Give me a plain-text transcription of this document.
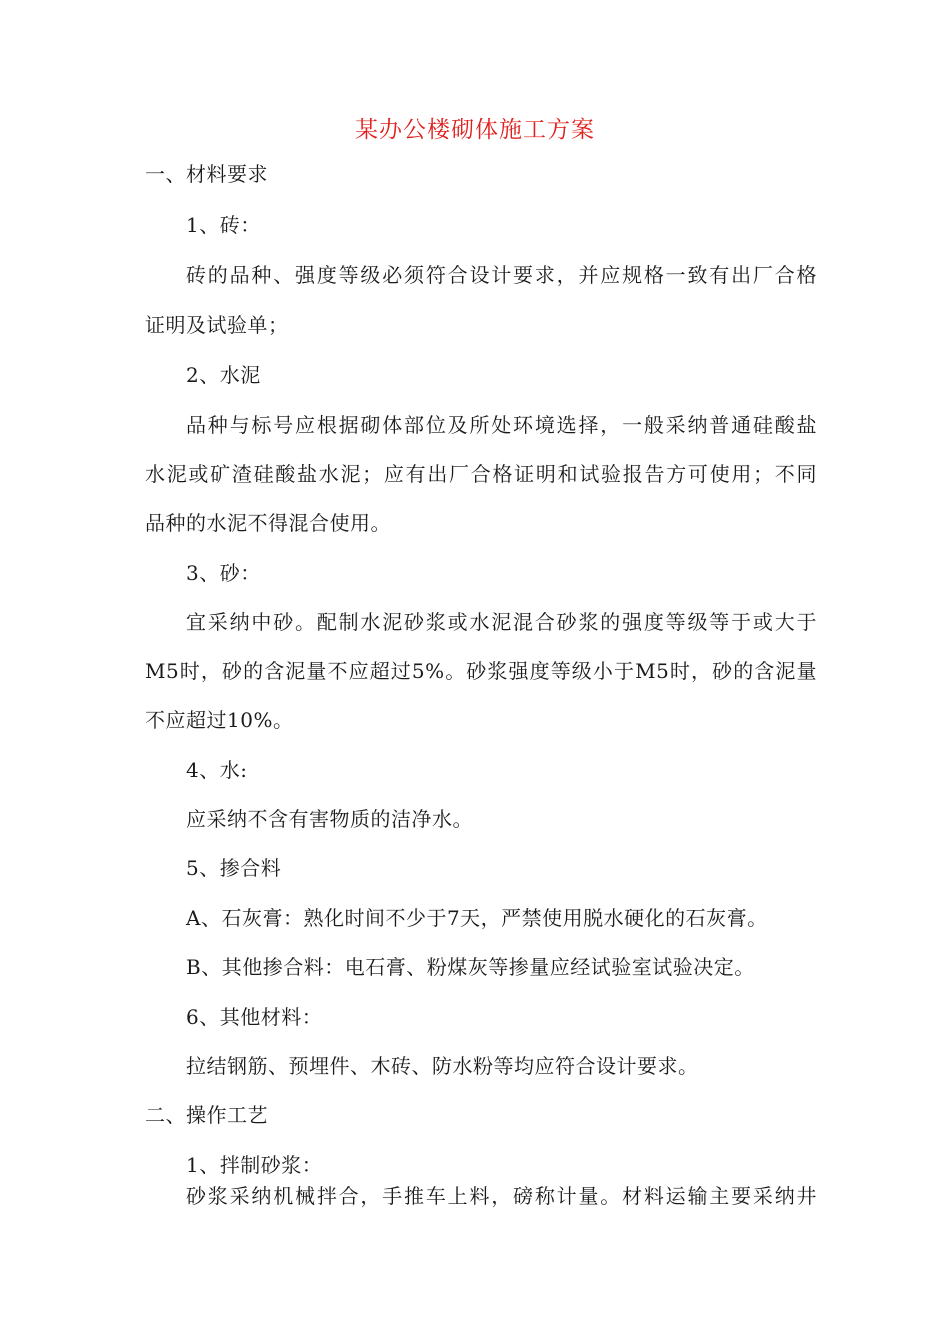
某办公楼砌体施工方案
一、材料要求
1、砖：
砖的品种、强度等级必须符合设计要求，并应规格一致有出厂合格
证明及试验单；
2、水泥
品种与标号应根据砌体部位及所处环境选择，一般采纳普通硅酸盐
水泥或矿渣硅酸盐水泥；应有出厂合格证明和试验报告方可使用；不同
品种的水泥不得混合使用。
3、砂：
宜采纳中砂。配制水泥砂浆或水泥混合砂浆的强度等级等于或大于
M5时，砂的含泥量不应超过5%。砂浆强度等级小于M5时，砂的含泥量
不应超过10%。
4、水:
应采纳不含有害物质的洁净水。
5、掺合料
A、石灰膏：熟化时间不少于7天，严禁使用脱水硬化的石灰膏。
B、其他掺合料：电石膏、粉煤灰等掺量应经试验室试验决定。
6、其他材料：
拉结钢筋、预埋件、木砖、防水粉等均应符合设计要求。
二、操作工艺
1、拌制砂浆：
砂浆采纳机械拌合，手推车上料，磅称计量。材料运输主要采纳井
